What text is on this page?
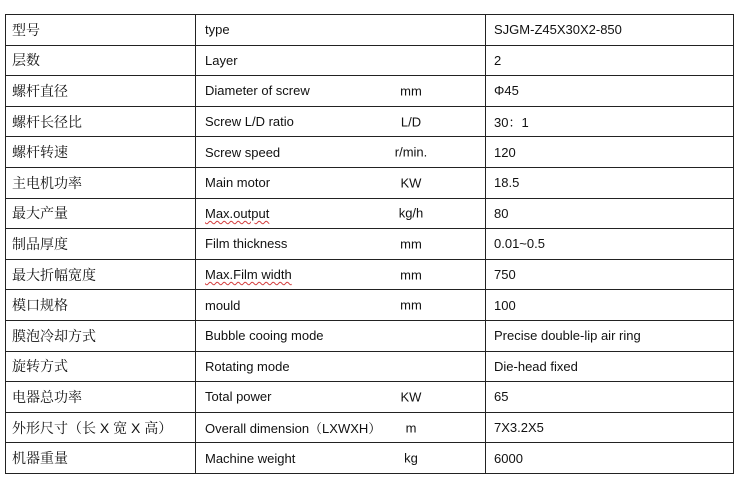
型号	type	SJGM-Z45X30X2-850
层数	Layer	2
螺杆直径	Diameter of screw mm	Φ45
螺杆长径比	Screw L/D ratio L/D	30：1
螺杆转速	Screw speed r/min.	120
主电机功率	Main motor KW	18.5
最大产量	Max.output kg/h	80
制品厚度	Film thickness mm	0.01~0.5
最大折幅宽度	Max.Film width mm	750
模口规格	mould mm	100
膜泡冷却方式	Bubble cooing mode	Precise double-lip air ring
旋转方式	Rotating mode	Die-head fixed
电器总功率	Total power KW	65
外形尺寸（长 X 宽 X 高）	Overall dimension（LXWXH） m	7X3.2X5
机器重量	Machine weight kg	6000
